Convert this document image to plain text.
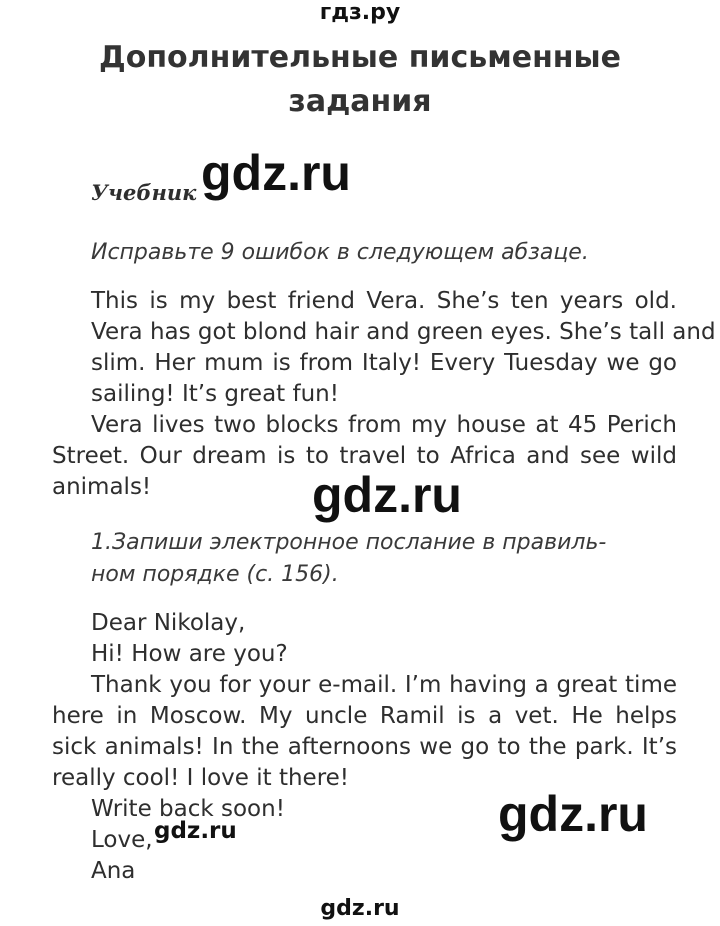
гдз.ру
Дополнительные письменные
задания
Учебник gdz.ru
Исправьте 9 ошибок в следующем абзаце.
This is my best friend Vera. She’s ten years old.
Vera has got blond hair and green eyes. She’s tall and
slim. Her mum is from Italy! Every Tuesday we go
sailing! It’s great fun!
Vera lives two blocks from my house at 45 Perich
Street. Our dream is to travel to Africa and see wild
animals!	gdz.ru
1.Запиши электронное послание в правиль-
ном порядке (с. 156).
Dear Nikolay,
Hi! How are you?
Thank you for your e-mail. I’m having a great time
here in Moscow. My uncle Ramil is a vet. He helps
sick animals! In the afternoons we go to the park. It’s
really cool! I love it there!
Write back soon!
Love,
Ana
gdz.ru
gdz.ru
gdz.ru
